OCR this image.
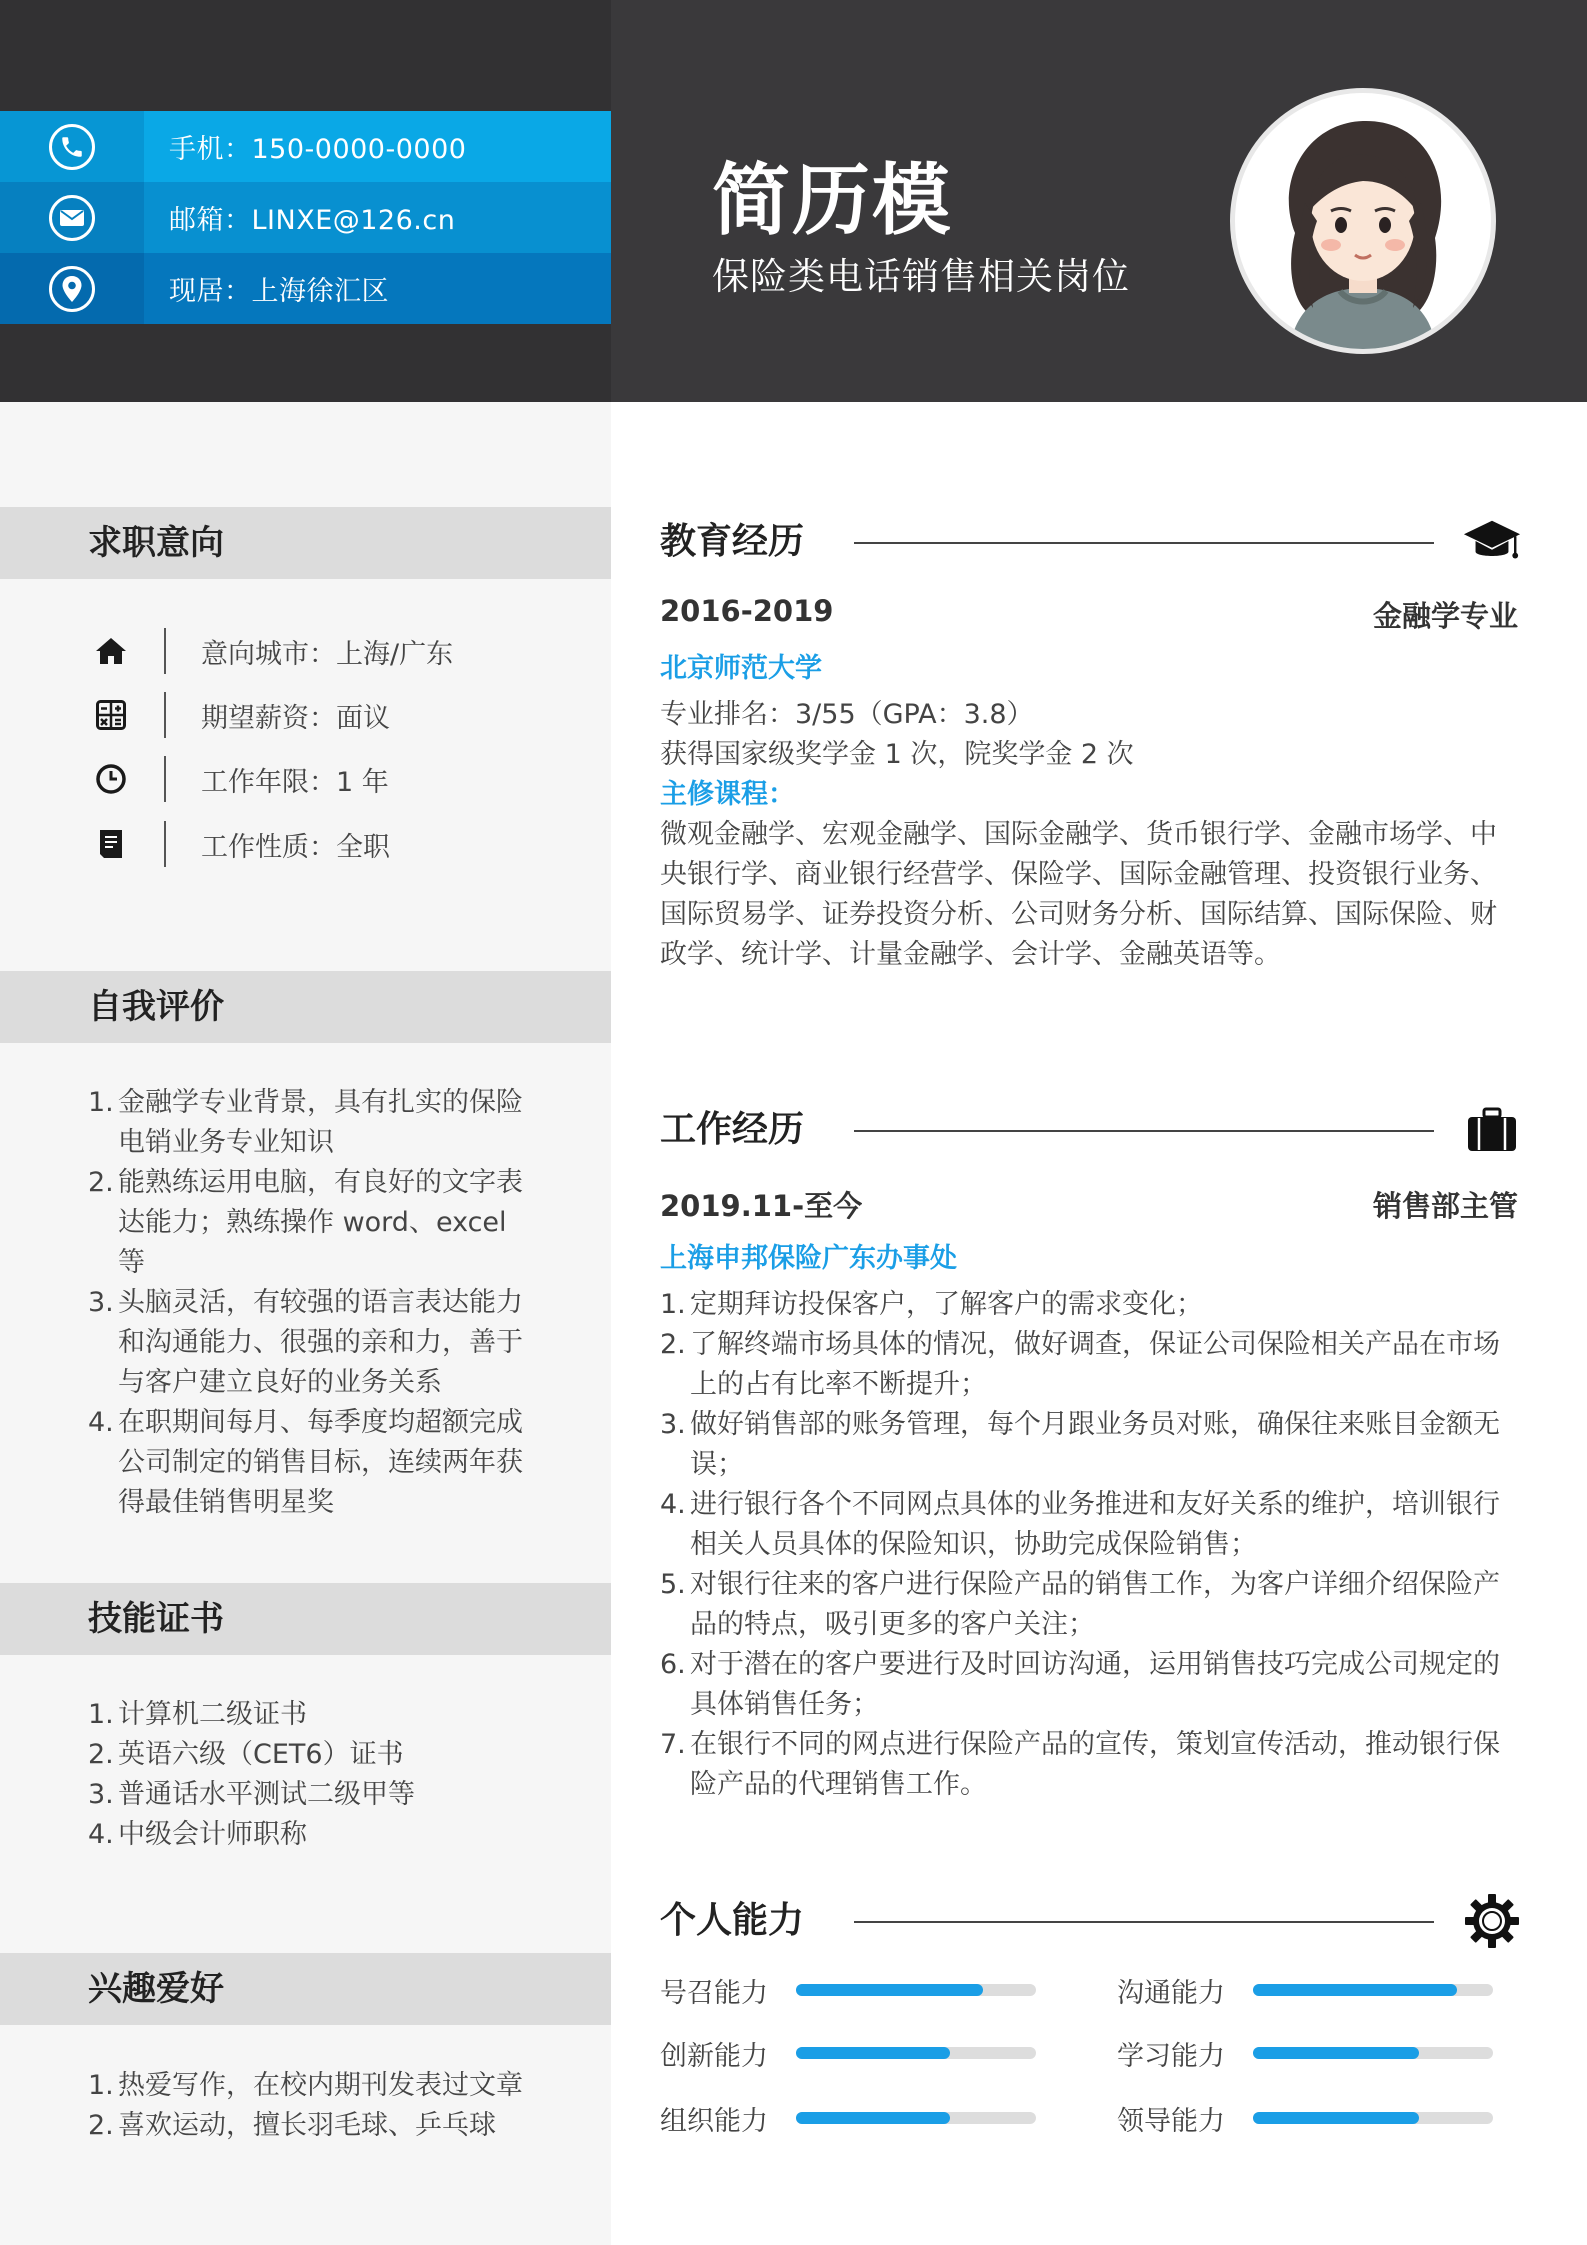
手机：150-0000-0000
邮箱：LINXE@126.cn
现居：上海徐汇区
简历模
保险类电话销售相关岗位
求职意向
意向城市：上海/广东
期望薪资：面议
工作年限：1 年
工作性质：全职
自我评价
1. 金融学专业背景，具有扎实的保险电销业务专业知识
2. 能熟练运用电脑，有良好的文字表达能力；熟练操作 word、excel 等
3. 头脑灵活，有较强的语言表达能力和沟通能力、很强的亲和力，善于与客户建立良好的业务关系
4. 在职期间每月、每季度均超额完成公司制定的销售目标，连续两年获得最佳销售明星奖
技能证书
1. 计算机二级证书
2. 英语六级（CET6）证书
3. 普通话水平测试二级甲等
4. 中级会计师职称
兴趣爱好
1. 热爱写作，在校内期刊发表过文章
2. 喜欢运动，擅长羽毛球、乒乓球
教育经历
2016-2019	金融学专业
北京师范大学
专业排名：3/55（GPA：3.8）
获得国家级奖学金 1 次，院奖学金 2 次
主修课程：
微观金融学、宏观金融学、国际金融学、货币银行学、金融市场学、中央银行学、商业银行经营学、保险学、国际金融管理、投资银行业务、国际贸易学、证券投资分析、公司财务分析、国际结算、国际保险、财政学、统计学、计量金融学、会计学、金融英语等。
工作经历
2019.11-至今	销售部主管
上海申邦保险广东办事处
1. 定期拜访投保客户，了解客户的需求变化；
2. 了解终端市场具体的情况，做好调查，保证公司保险相关产品在市场上的占有比率不断提升；
3. 做好销售部的账务管理，每个月跟业务员对账，确保往来账目金额无误；
4. 进行银行各个不同网点具体的业务推进和友好关系的维护，培训银行相关人员具体的保险知识，协助完成保险销售；
5. 对银行往来的客户进行保险产品的销售工作，为客户详细介绍保险产品的特点，吸引更多的客户关注；
6. 对于潜在的客户要进行及时回访沟通，运用销售技巧完成公司规定的具体销售任务；
7. 在银行不同的网点进行保险产品的宣传，策划宣传活动，推动银行保险产品的代理销售工作。
个人能力
号召能力	沟通能力
创新能力	学习能力
组织能力	领导能力
